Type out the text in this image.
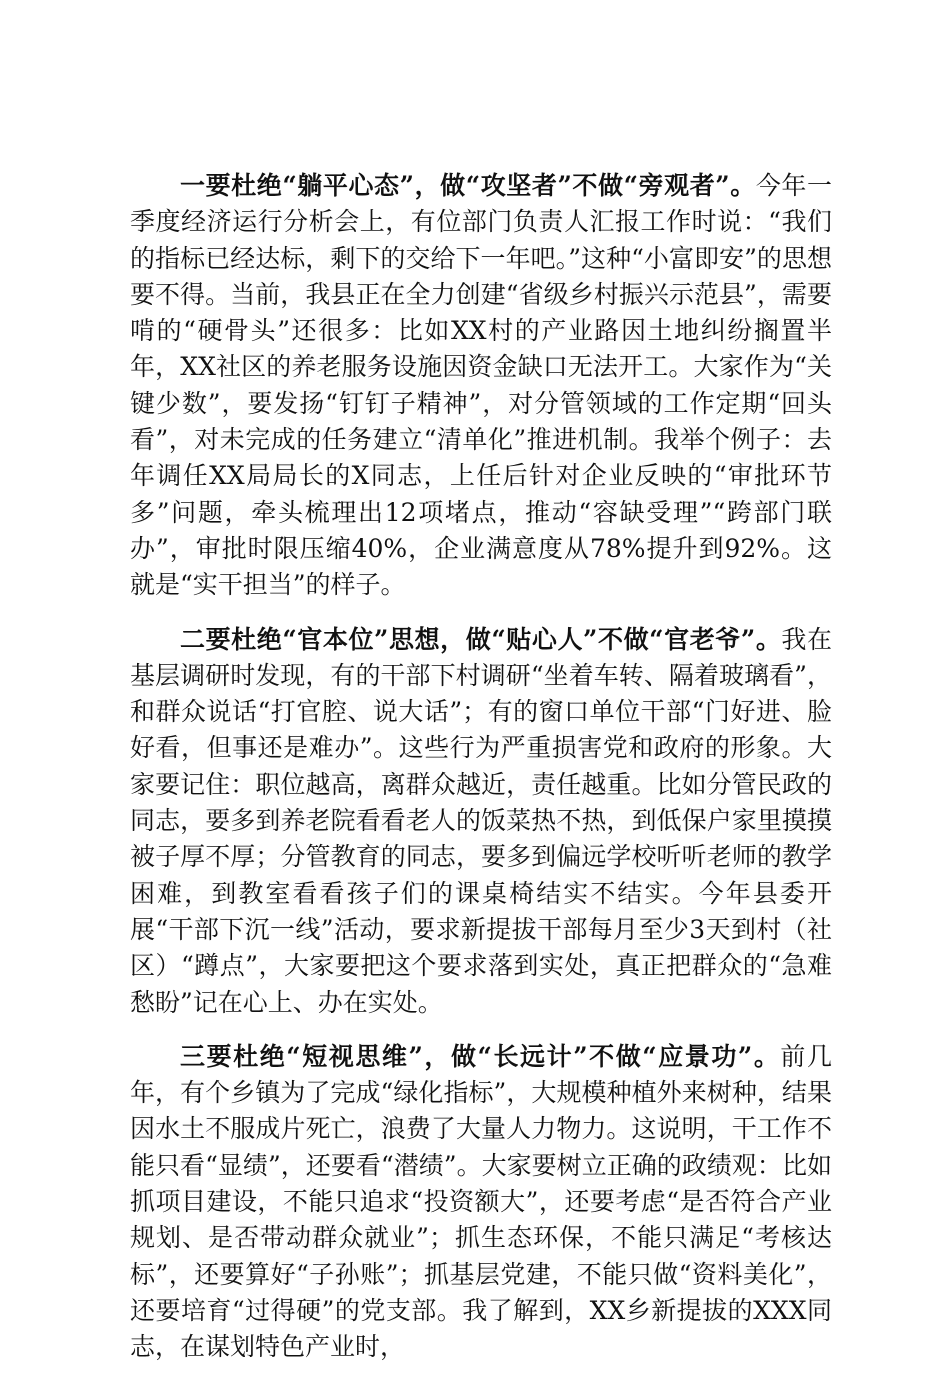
一要杜绝“躺平心态”，做“攻坚者”不做“旁观者”。今年一季度经济运行分析会上，有位部门负责人汇报工作时说：“我们的指标已经达标，剩下的交给下一年吧。”这种“小富即安”的思想要不得。当前，我县正在全力创建“省级乡村振兴示范县”，需要啃的“硬骨头”还很多：比如XX村的产业路因土地纠纷搁置半年，XX社区的养老服务设施因资金缺口无法开工。大家作为“关键少数”，要发扬“钉钉子精神”，对分管领域的工作定期“回头看”，对未完成的任务建立“清单化”推进机制。我举个例子：去年调任XX局局长的X同志，上任后针对企业反映的“审批环节多”问题，牵头梳理出12项堵点，推动“容缺受理”“跨部门联办”，审批时限压缩40%，企业满意度从78%提升到92%。这就是“实干担当”的样子。

二要杜绝“官本位”思想，做“贴心人”不做“官老爷”。我在基层调研时发现，有的干部下村调研“坐着车转、隔着玻璃看”，和群众说话“打官腔、说大话”；有的窗口单位干部“门好进、脸好看，但事还是难办”。这些行为严重损害党和政府的形象。大家要记住：职位越高，离群众越近，责任越重。比如分管民政的同志，要多到养老院看看老人的饭菜热不热，到低保户家里摸摸被子厚不厚；分管教育的同志，要多到偏远学校听听老师的教学困难，到教室看看孩子们的课桌椅结实不结实。今年县委开展“干部下沉一线”活动，要求新提拔干部每月至少3天到村（社区）“蹲点”，大家要把这个要求落到实处，真正把群众的“急难愁盼”记在心上、办在实处。

三要杜绝“短视思维”，做“长远计”不做“应景功”。前几年，有个乡镇为了完成“绿化指标”，大规模种植外来树种，结果因水土不服成片死亡，浪费了大量人力物力。这说明，干工作不能只看“显绩”，还要看“潜绩”。大家要树立正确的政绩观：比如抓项目建设，不能只追求“投资额大”，还要考虑“是否符合产业规划、是否带动群众就业”；抓生态环保，不能只满足“考核达标”，还要算好“子孙账”；抓基层党建，不能只做“资料美化”，还要培育“过得硬”的党支部。我了解到，XX乡新提拔的XXX同志，在谋划特色产业时，
